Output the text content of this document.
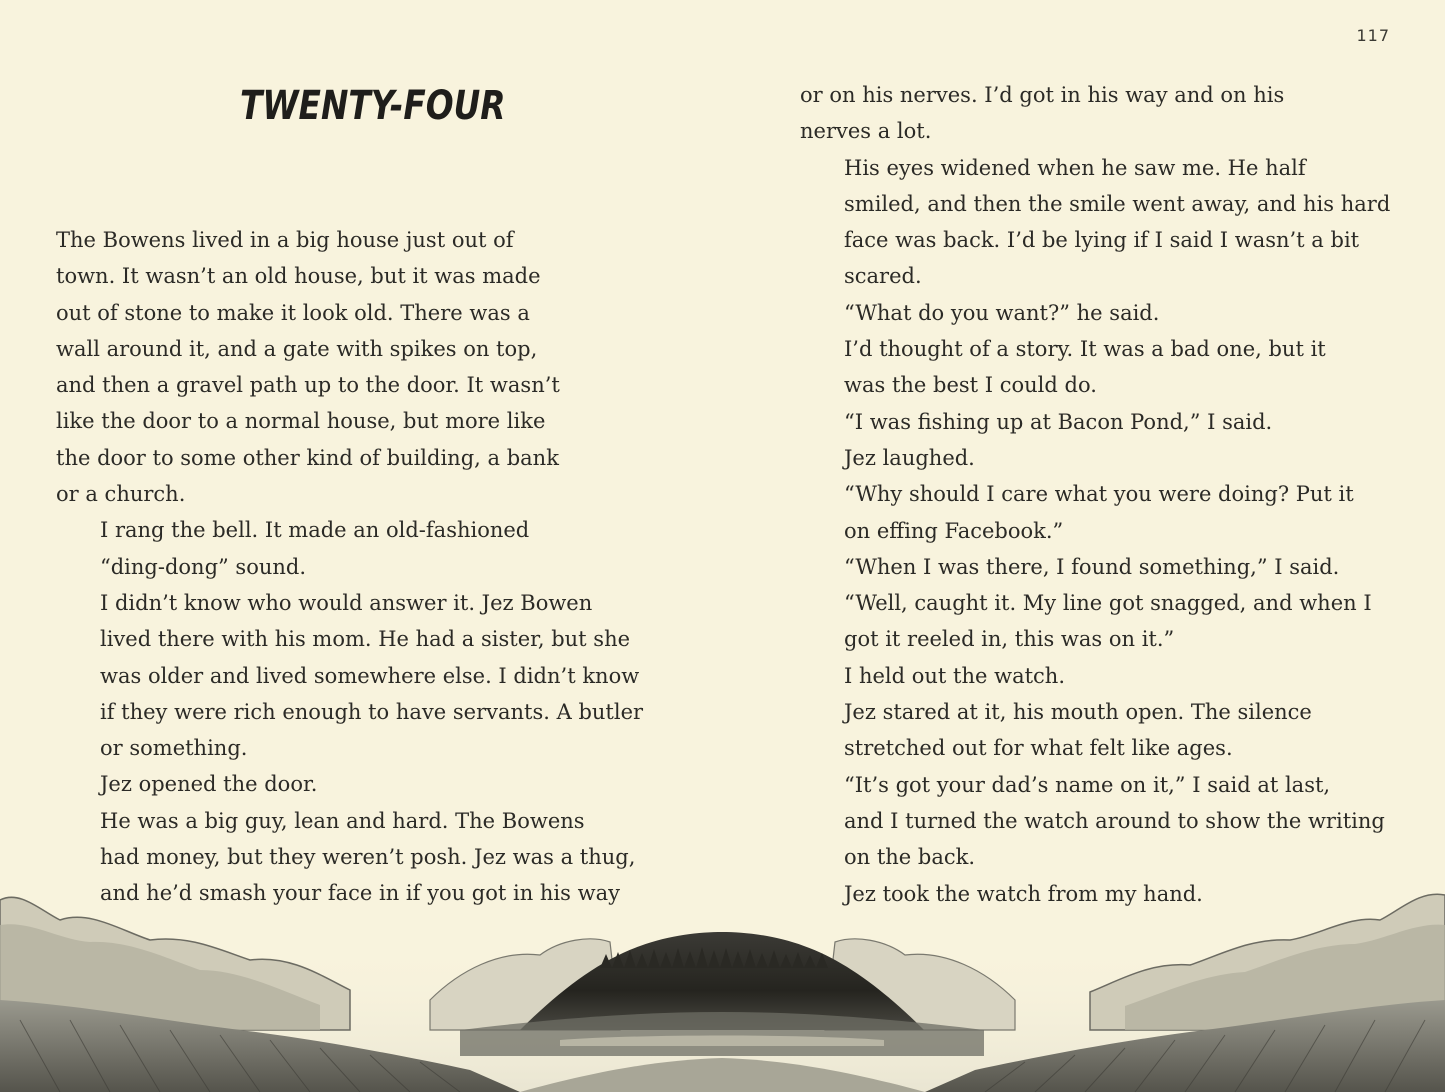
117
TWENTY-FOUR

The Bowens lived in a big house just out of
town. It wasn’t an old house, but it was made
out of stone to make it look old. There was a
wall around it, and a gate with spikes on top,
and then a gravel path up to the door. It wasn’t
like the door to a normal house, but more like
the door to some other kind of building, a bank
or a church.

I rang the bell. It made an old-fashioned
“ding-dong” sound.

I didn’t know who would answer it. Jez Bowen
lived there with his mom. He had a sister, but she
was older and lived somewhere else. I didn’t know
if they were rich enough to have servants. A butler
or something.

Jez opened the door.

He was a big guy, lean and hard. The Bowens
had money, but they weren’t posh. Jez was a thug,
and he’d smash your face in if you got in his way

or on his nerves. I’d got in his way and on his
nerves a lot.

His eyes widened when he saw me. He half
smiled, and then the smile went away, and his hard
face was back. I’d be lying if I said I wasn’t a bit
scared.

“What do you want?” he said.

I’d thought of a story. It was a bad one, but it
was the best I could do.

“I was fishing up at Bacon Pond,” I said.

Jez laughed.

“Why should I care what you were doing? Put it
on effing Facebook.”

“When I was there, I found something,” I said.
“Well, caught it. My line got snagged, and when I
got it reeled in, this was on it.”

I held out the watch.

Jez stared at it, his mouth open. The silence
stretched out for what felt like ages.

“It’s got your dad’s name on it,” I said at last,
and I turned the watch around to show the writing
on the back.

Jez took the watch from my hand.
